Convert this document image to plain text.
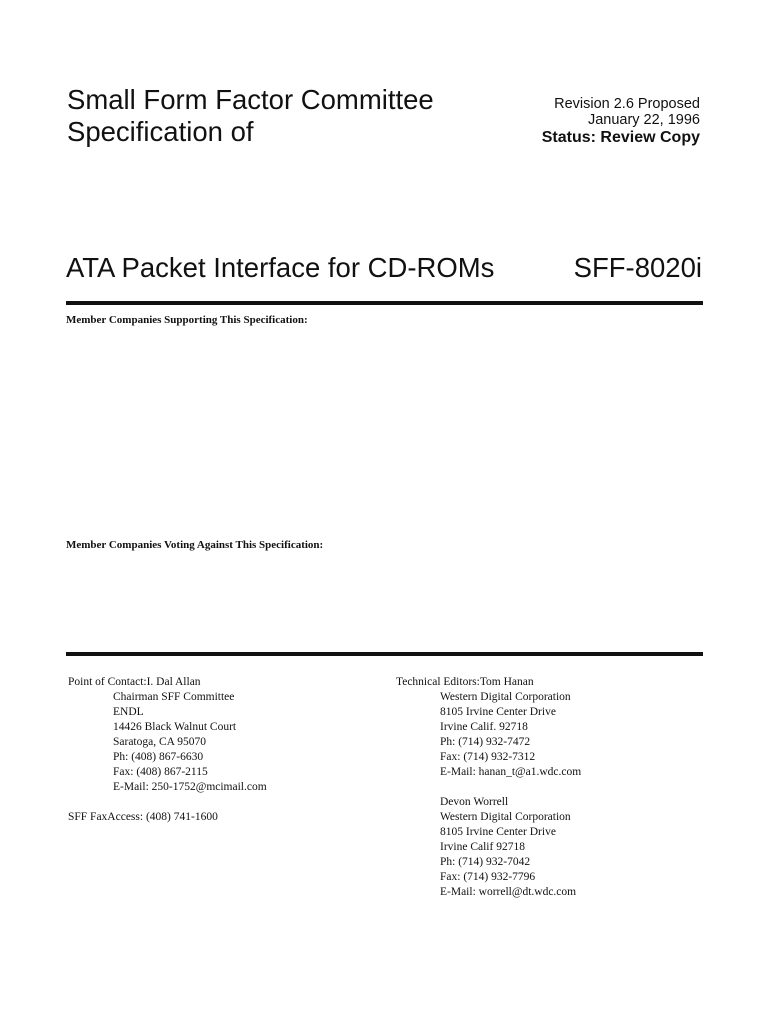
Small Form Factor Committee
Specification of
Revision 2.6 Proposed
January 22, 1996
Status: Review Copy
ATA Packet Interface for CD-ROMs	SFF-8020i
Member Companies Supporting This Specification:
Member Companies Voting Against This Specification:
Point of Contact:I. Dal Allan
Chairman SFF Committee
ENDL
14426 Black Walnut Court
Saratoga, CA 95070
Ph: (408) 867-6630
Fax: (408) 867-2115
E-Mail: 250-1752@mcimail.com
SFF FaxAccess: (408) 741-1600
Technical Editors:Tom Hanan
Western Digital Corporation
8105 Irvine Center Drive
Irvine Calif. 92718
Ph: (714) 932-7472
Fax: (714) 932-7312
E-Mail: hanan_t@a1.wdc.com
Devon Worrell
Western Digital Corporation
8105 Irvine Center Drive
Irvine Calif 92718
Ph: (714) 932-7042
Fax: (714) 932-7796
E-Mail: worrell@dt.wdc.com
